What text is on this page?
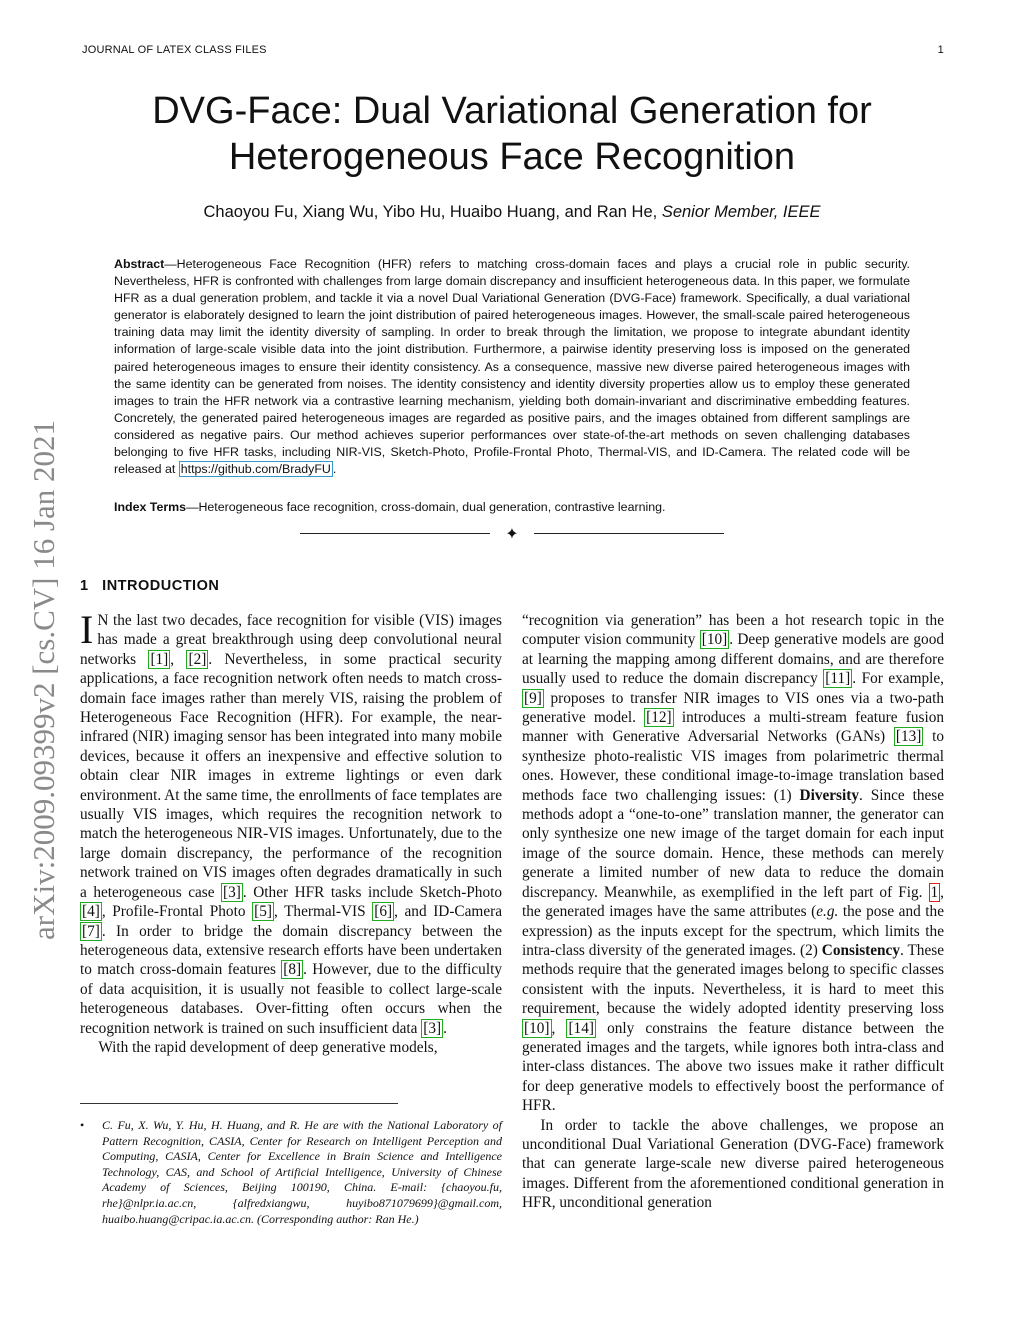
JOURNAL OF LATEX CLASS FILES	1
DVG-Face: Dual Variational Generation for
Heterogeneous Face Recognition
Chaoyou Fu, Xiang Wu, Yibo Hu, Huaibo Huang, and Ran He, Senior Member, IEEE

Abstract—Heterogeneous Face Recognition (HFR) refers to matching cross-domain faces and plays a crucial role in public security. Nevertheless, HFR is confronted with challenges from large domain discrepancy and insufficient heterogeneous data. In this paper, we formulate HFR as a dual generation problem, and tackle it via a novel Dual Variational Generation (DVG-Face) framework. Specifically, a dual variational generator is elaborately designed to learn the joint distribution of paired heterogeneous images. However, the small-scale paired heterogeneous training data may limit the identity diversity of sampling. In order to break through the limitation, we propose to integrate abundant identity information of large-scale visible data into the joint distribution. Furthermore, a pairwise identity preserving loss is imposed on the generated paired heterogeneous images to ensure their identity consistency. As a consequence, massive new diverse paired heterogeneous images with the same identity can be generated from noises. The identity consistency and identity diversity properties allow us to employ these generated images to train the HFR network via a contrastive learning mechanism, yielding both domain-invariant and discriminative embedding features. Concretely, the generated paired heterogeneous images are regarded as positive pairs, and the images obtained from different samplings are considered as negative pairs. Our method achieves superior performances over state-of-the-art methods on seven challenging databases belonging to five HFR tasks, including NIR-VIS, Sketch-Photo, Profile-Frontal Photo, Thermal-VIS, and ID-Camera. The related code will be released at https://github.com/BradyFU .

Index Terms—Heterogeneous face recognition, cross-domain, dual generation, contrastive learning.

✦
arXiv:2009.09399v2 [cs.CV] 16 Jan 2021 1 INTRODUCTION

I N the last two decades, face recognition for visible (VIS) images has made a great breakthrough using deep convolutional neural networks [1] , [2] . Nevertheless, in some practical security applications, a face recognition network often needs to match cross-domain face images rather than merely VIS, raising the problem of Heterogeneous Face Recognition (HFR). For example, the near-infrared (NIR) imaging sensor has been integrated into many mobile devices, because it offers an inexpensive and effective solution to obtain clear NIR images in extreme lightings or even dark environment. At the same time, the enrollments of face templates are usually VIS images, which requires the recognition network to match the heterogeneous NIR-VIS images. Unfortunately, due to the large domain discrepancy, the performance of the recognition network trained on VIS images often degrades dramatically in such a heterogeneous case [3] . Other HFR tasks include Sketch-Photo [4] , Profile-Frontal Photo [5] , Thermal-VIS [6] , and ID-Camera [7] . In order to bridge the domain discrepancy between the heterogeneous data, extensive research efforts have been undertaken to match cross-domain features [8] . However, due to the difficulty of data acquisition, it is usually not feasible to collect large-scale heterogeneous databases. Over-fitting often occurs when the recognition network is trained on such insufficient data [3] .

With the rapid development of deep generative models,

“recognition via generation” has been a hot research topic in the computer vision community [10] . Deep generative models are good at learning the mapping among different domains, and are therefore usually used to reduce the domain discrepancy [11] . For example, [9] proposes to transfer NIR images to VIS ones via a two-path generative model. [12] introduces a multi-stream feature fusion manner with Generative Adversarial Networks (GANs) [13] to synthesize photo-realistic VIS images from polarimetric thermal ones. However, these conditional image-to-image translation based methods face two challenging issues: (1) Diversity. Since these methods adopt a “one-to-one” translation manner, the generator can only synthesize one new image of the target domain for each input image of the source domain. Hence, these methods can merely generate a limited number of new data to reduce the domain discrepancy. Meanwhile, as exemplified in the left part of Fig. 1 , the generated images have the same attributes (e.g. the pose and the expression) as the inputs except for the spectrum, which limits the intra-class diversity of the generated images. (2) Consistency. These methods require that the generated images belong to specific classes consistent with the inputs. Nevertheless, it is hard to meet this requirement, because the widely adopted identity preserving loss [10] , [14] only constrains the feature distance between the generated images and the targets, while ignores both intra-class and inter-class distances. The above two issues make it rather difficult for deep generative models to effectively boost the performance of HFR.

In order to tackle the above challenges, we propose an unconditional Dual Variational Generation (DVG-Face) framework that can generate large-scale new diverse paired heterogeneous images. Different from the aforementioned conditional generation in HFR, unconditional generation

• C. Fu, X. Wu, Y. Hu, H. Huang, and R. He are with the National Laboratory of Pattern Recognition, CASIA, Center for Research on Intelligent Perception and Computing, CASIA, Center for Excellence in Brain Science and Intelligence Technology, CAS, and School of Artificial Intelligence, University of Chinese Academy of Sciences, Beijing 100190, China. E-mail: {chaoyou.fu, rhe}@nlpr.ia.ac.cn, {alfredxiangwu, huyibo871079699}@gmail.com, huaibo.huang@cripac.ia.ac.cn. (Corresponding author: Ran He.)
